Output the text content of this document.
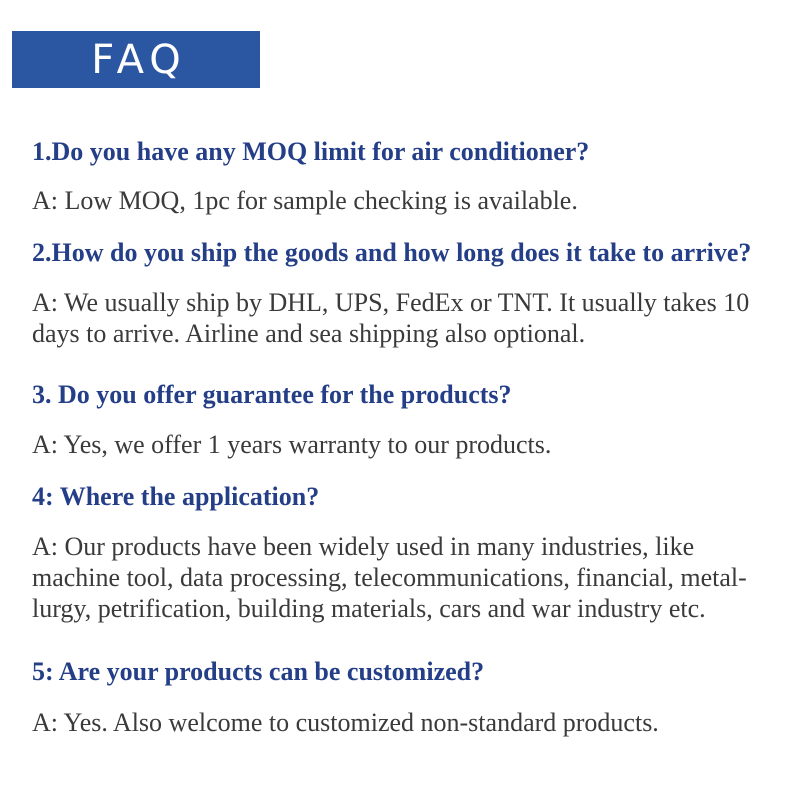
FAQ
1.Do you have any MOQ limit for air conditioner?
A: Low MOQ, 1pc for sample checking is available.
2.How do you ship the goods and how long does it take to arrive?
A: We usually ship by DHL, UPS, FedEx or TNT. It usually takes 10
days to arrive. Airline and sea shipping also optional.
3. Do you offer guarantee for the products?
A: Yes, we offer 1 years warranty to our products.
4: Where the application?
A: Our products have been widely used in many industries, like
machine tool, data processing, telecommunications, financial, metal-
lurgy, petrification, building materials, cars and war industry etc.
5: Are your products can be customized?
A: Yes. Also welcome to customized non-standard products.
